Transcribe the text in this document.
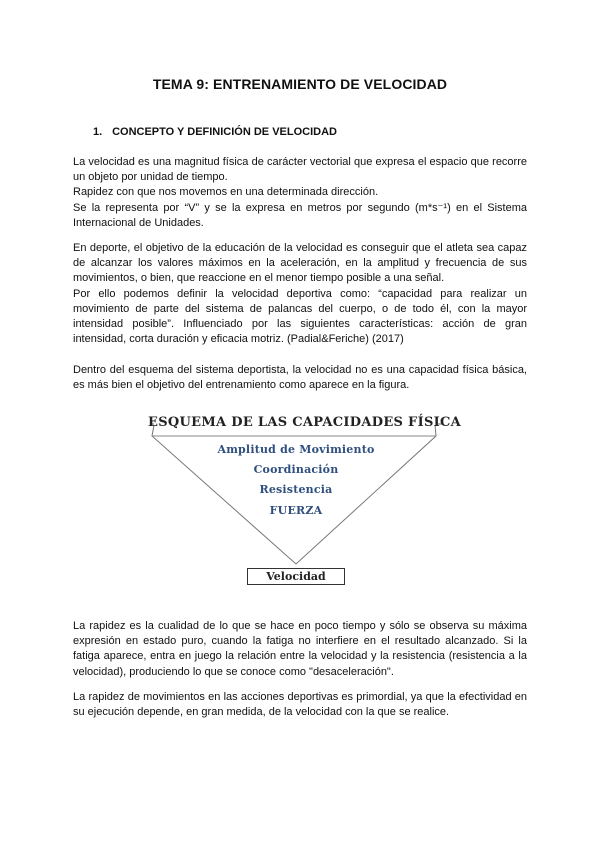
TEMA 9: ENTRENAMIENTO DE VELOCIDAD
1. CONCEPTO Y DEFINICIÓN DE VELOCIDAD

La velocidad es una magnitud física de carácter vectorial que expresa el espacio que recorre un objeto por unidad de tiempo.

Rapidez con que nos movemos en una determinada dirección.

Se la representa por “V” y se la expresa en metros por segundo (m*s⁻¹) en el Sistema Internacional de Unidades.

En deporte, el objetivo de la educación de la velocidad es conseguir que el atleta sea capaz de alcanzar los valores máximos en la aceleración, en la amplitud y frecuencia de sus movimientos, o bien, que reaccione en el menor tiempo posible a una señal.

Por ello podemos definir la velocidad deportiva como: “capacidad para realizar un movimiento de parte del sistema de palancas del cuerpo, o de todo él, con la mayor intensidad posible”. Influenciado por las siguientes características: acción de gran intensidad, corta duración y eficacia motriz. (Padial&Feriche) (2017)

Dentro del esquema del sistema deportista, la velocidad no es una capacidad física básica, es más bien el objetivo del entrenamiento como aparece en la figura.

ESQUEMA DE LAS CAPACIDADES FÍSICA
Amplitud de Movimiento
Coordinación
Resistencia
FUERZA
Velocidad

La rapidez es la cualidad de lo que se hace en poco tiempo y sólo se observa su máxima expresión en estado puro, cuando la fatiga no interfiere en el resultado alcanzado. Si la fatiga aparece, entra en juego la relación entre la velocidad y la resistencia (resistencia a la velocidad), produciendo lo que se conoce como "desaceleración".

La rapidez de movimientos en las acciones deportivas es primordial, ya que la efectividad en su ejecución depende, en gran medida, de la velocidad con la que se realice.
